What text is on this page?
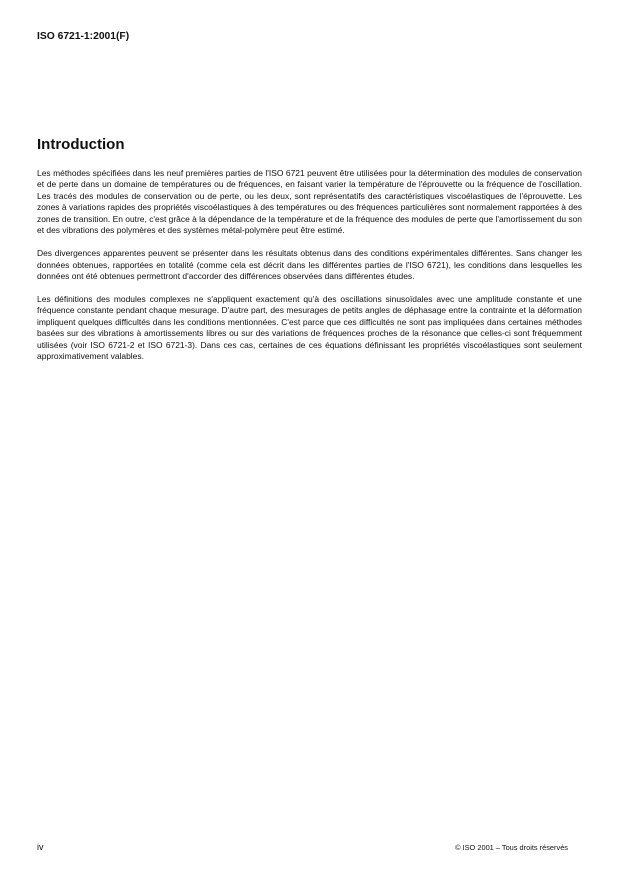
ISO 6721-1:2001(F)
Introduction

Les méthodes spécifiées dans les neuf premières parties de l'ISO 6721 peuvent être utilisées pour la détermination des modules de conservation et de perte dans un domaine de températures ou de fréquences, en faisant varier la température de l'éprouvette ou la fréquence de l'oscillation. Les tracés des modules de conservation ou de perte, ou les deux, sont représentatifs des caractéristiques viscoélastiques de l'éprouvette. Les zones à variations rapides des propriétés viscoélastiques à des températures ou des fréquences particulières sont normalement rapportées à des zones de transition. En outre, c'est grâce à la dépendance de la température et de la fréquence des modules de perte que l'amortissement du son et des vibrations des polymères et des systèmes métal-polymère peut être estimé.

Des divergences apparentes peuvent se présenter dans les résultats obtenus dans des conditions expérimentales différentes. Sans changer les données obtenues, rapportées en totalité (comme cela est décrit dans les différentes parties de l'ISO 6721), les conditions dans lesquelles les données ont été obtenues permettront d'accorder des différences observées dans différentes études.

Les définitions des modules complexes ne s'appliquent exactement qu'à des oscillations sinusoïdales avec une amplitude constante et une fréquence constante pendant chaque mesurage. D'autre part, des mesurages de petits angles de déphasage entre la contrainte et la déformation impliquent quelques difficultés dans les conditions mentionnées. C'est parce que ces difficultés ne sont pas impliquées dans certaines méthodes basées sur des vibrations à amortissements libres ou sur des variations de fréquences proches de la résonance que celles-ci sont fréquemment utilisées (voir ISO 6721-2 et ISO 6721-3). Dans ces cas, certaines de ces équations définissant les propriétés viscoélastiques sont seulement approximativement valables.

iv	© ISO 2001 – Tous droits réservés
